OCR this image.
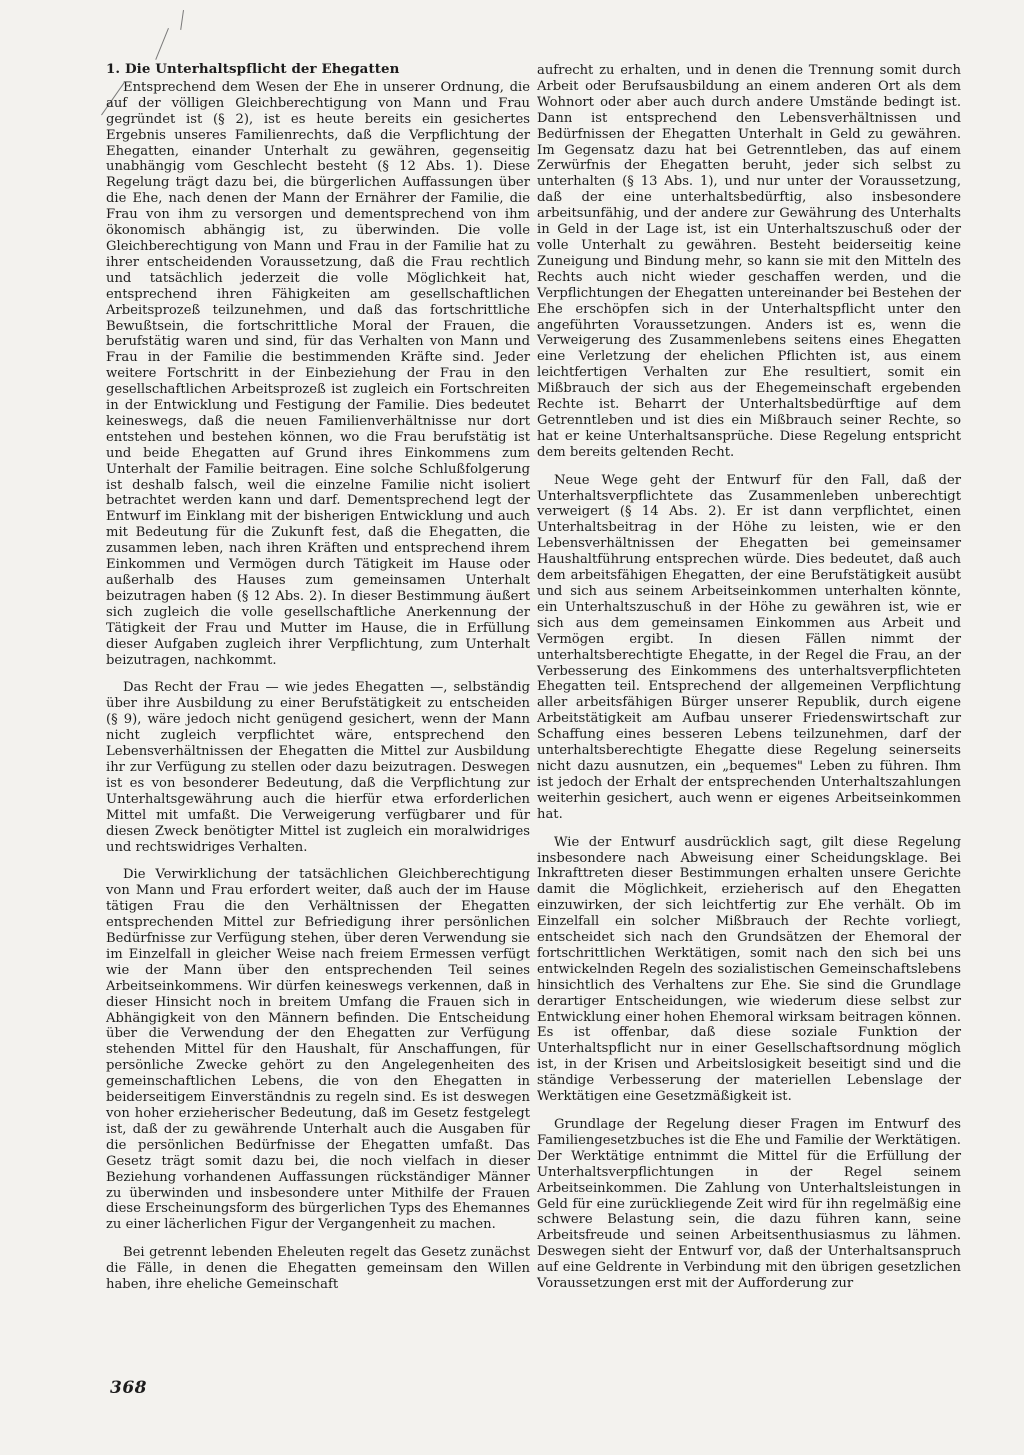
1. Die Unterhaltspflicht der Ehegatten

Entsprechend dem Wesen der Ehe in unserer Ordnung, die auf der völligen Gleichberechtigung von Mann und Frau gegründet ist (§ 2), ist es heute bereits ein gesichertes Ergebnis unseres Familienrechts, daß die Verpflichtung der Ehegatten, einander Unterhalt zu gewähren, gegenseitig unabhängig vom Geschlecht besteht (§ 12 Abs. 1). Diese Regelung trägt dazu bei, die bürgerlichen Auffassungen über die Ehe, nach denen der Mann der Ernährer der Familie, die Frau von ihm zu versorgen und dementsprechend von ihm ökonomisch abhängig ist, zu überwinden. Die volle Gleichberechtigung von Mann und Frau in der Familie hat zu ihrer entscheidenden Voraussetzung, daß die Frau rechtlich und tatsächlich jederzeit die volle Möglichkeit hat, entsprechend ihren Fähigkeiten am gesellschaftlichen Arbeitsprozeß teilzunehmen, und daß das fortschrittliche Bewußtsein, die fortschrittliche Moral der Frauen, die berufstätig waren und sind, für das Verhalten von Mann und Frau in der Familie die bestimmenden Kräfte sind. Jeder weitere Fortschritt in der Einbeziehung der Frau in den gesellschaftlichen Arbeitsprozeß ist zugleich ein Fortschreiten in der Entwicklung und Festigung der Familie. Dies bedeutet keineswegs, daß die neuen Familienverhältnisse nur dort entstehen und bestehen können, wo die Frau berufstätig ist und beide Ehegatten auf Grund ihres Einkommens zum Unterhalt der Familie beitragen. Eine solche Schlußfolgerung ist deshalb falsch, weil die einzelne Familie nicht isoliert betrachtet werden kann und darf. Dementsprechend legt der Entwurf im Einklang mit der bisherigen Entwicklung und auch mit Bedeutung für die Zukunft fest, daß die Ehegatten, die zusammen leben, nach ihren Kräften und entsprechend ihrem Einkommen und Vermögen durch Tätigkeit im Hause oder außerhalb des Hauses zum gemeinsamen Unterhalt beizutragen haben (§ 12 Abs. 2). In dieser Bestimmung äußert sich zugleich die volle gesellschaftliche Anerkennung der Tätigkeit der Frau und Mutter im Hause, die in Erfüllung dieser Aufgaben zugleich ihrer Verpflichtung, zum Unterhalt beizutragen, nachkommt.

Das Recht der Frau — wie jedes Ehegatten —, selbständig über ihre Ausbildung zu einer Berufstätigkeit zu entscheiden (§ 9), wäre jedoch nicht genügend gesichert, wenn der Mann nicht zugleich verpflichtet wäre, entsprechend den Lebensverhältnissen der Ehegatten die Mittel zur Ausbildung ihr zur Verfügung zu stellen oder dazu beizutragen. Deswegen ist es von besonderer Bedeutung, daß die Verpflichtung zur Unterhaltsgewährung auch die hierfür etwa erforderlichen Mittel mit umfaßt. Die Verweigerung verfügbarer und für diesen Zweck benötigter Mittel ist zugleich ein moralwidriges und rechtswidriges Verhalten.

Die Verwirklichung der tatsächlichen Gleichberechtigung von Mann und Frau erfordert weiter, daß auch der im Hause tätigen Frau die den Verhältnissen der Ehegatten entsprechenden Mittel zur Befriedigung ihrer persönlichen Bedürfnisse zur Verfügung stehen, über deren Verwendung sie im Einzelfall in gleicher Weise nach freiem Ermessen verfügt wie der Mann über den entsprechenden Teil seines Arbeitseinkommens. Wir dürfen keineswegs verkennen, daß in dieser Hinsicht noch in breitem Umfang die Frauen sich in Abhängigkeit von den Männern befinden. Die Entscheidung über die Verwendung der den Ehegatten zur Verfügung stehenden Mittel für den Haushalt, für Anschaffungen, für persönliche Zwecke gehört zu den Angelegenheiten des gemeinschaftlichen Lebens, die von den Ehegatten in beiderseitigem Einverständnis zu regeln sind. Es ist deswegen von hoher erzieherischer Bedeutung, daß im Gesetz festgelegt ist, daß der zu gewährende Unterhalt auch die Ausgaben für die persönlichen Bedürfnisse der Ehegatten umfaßt. Das Gesetz trägt somit dazu bei, die noch vielfach in dieser Beziehung vorhandenen Auffassungen rückständiger Männer zu überwinden und insbesondere unter Mithilfe der Frauen diese Erscheinungsform des bürgerlichen Typs des Ehemannes zu einer lächerlichen Figur der Vergangenheit zu machen.

Bei getrennt lebenden Eheleuten regelt das Gesetz zunächst die Fälle, in denen die Ehegatten gemeinsam den Willen haben, ihre eheliche Gemeinschaft

aufrecht zu erhalten, und in denen die Trennung somit durch Arbeit oder Berufsausbildung an einem anderen Ort als dem Wohnort oder aber auch durch andere Umstände bedingt ist. Dann ist entsprechend den Lebensverhältnissen und Bedürfnissen der Ehegatten Unterhalt in Geld zu gewähren. Im Gegensatz dazu hat bei Getrenntleben, das auf einem Zerwürfnis der Ehegatten beruht, jeder sich selbst zu unterhalten (§ 13 Abs. 1), und nur unter der Voraussetzung, daß der eine unterhaltsbedürftig, also insbesondere arbeitsunfähig, und der andere zur Gewährung des Unterhalts in Geld in der Lage ist, ist ein Unterhaltszuschuß oder der volle Unterhalt zu gewähren. Besteht beiderseitig keine Zuneigung und Bindung mehr, so kann sie mit den Mitteln des Rechts auch nicht wieder geschaffen werden, und die Verpflichtungen der Ehegatten untereinander bei Bestehen der Ehe erschöpfen sich in der Unterhaltspflicht unter den angeführten Voraussetzungen. Anders ist es, wenn die Verweigerung des Zusammenlebens seitens eines Ehegatten eine Verletzung der ehelichen Pflichten ist, aus einem leichtfertigen Verhalten zur Ehe resultiert, somit ein Mißbrauch der sich aus der Ehegemeinschaft ergebenden Rechte ist. Beharrt der Unterhaltsbedürftige auf dem Getrenntleben und ist dies ein Mißbrauch seiner Rechte, so hat er keine Unterhaltsansprüche. Diese Regelung entspricht dem bereits geltenden Recht.

Neue Wege geht der Entwurf für den Fall, daß der Unterhaltsverpflichtete das Zusammenleben unberechtigt verweigert (§ 14 Abs. 2). Er ist dann verpflichtet, einen Unterhaltsbeitrag in der Höhe zu leisten, wie er den Lebensverhältnissen der Ehegatten bei gemeinsamer Haushaltführung entsprechen würde. Dies bedeutet, daß auch dem arbeitsfähigen Ehegatten, der eine Berufstätigkeit ausübt und sich aus seinem Arbeitseinkommen unterhalten könnte, ein Unterhaltszuschuß in der Höhe zu gewähren ist, wie er sich aus dem gemeinsamen Einkommen aus Arbeit und Vermögen ergibt. In diesen Fällen nimmt der unterhaltsberechtigte Ehegatte, in der Regel die Frau, an der Verbesserung des Einkommens des unterhaltsverpflichteten Ehegatten teil. Entsprechend der allgemeinen Verpflichtung aller arbeitsfähigen Bürger unserer Republik, durch eigene Arbeitstätigkeit am Aufbau unserer Friedenswirtschaft zur Schaffung eines besseren Lebens teilzunehmen, darf der unterhaltsberechtigte Ehegatte diese Regelung seinerseits nicht dazu ausnutzen, ein „bequemes" Leben zu führen. Ihm ist jedoch der Erhalt der entsprechenden Unterhaltszahlungen weiterhin gesichert, auch wenn er eigenes Arbeitseinkommen hat.

Wie der Entwurf ausdrücklich sagt, gilt diese Regelung insbesondere nach Abweisung einer Scheidungsklage. Bei Inkrafttreten dieser Bestimmungen erhalten unsere Gerichte damit die Möglichkeit, erzieherisch auf den Ehegatten einzuwirken, der sich leichtfertig zur Ehe verhält. Ob im Einzelfall ein solcher Mißbrauch der Rechte vorliegt, entscheidet sich nach den Grundsätzen der Ehemoral der fortschrittlichen Werktätigen, somit nach den sich bei uns entwickelnden Regeln des sozialistischen Gemeinschaftslebens hinsichtlich des Verhaltens zur Ehe. Sie sind die Grundlage derartiger Entscheidungen, wie wiederum diese selbst zur Entwicklung einer hohen Ehemoral wirksam beitragen können. Es ist offenbar, daß diese soziale Funktion der Unterhaltspflicht nur in einer Gesellschaftsordnung möglich ist, in der Krisen und Arbeitslosigkeit beseitigt sind und die ständige Verbesserung der materiellen Lebenslage der Werktätigen eine Gesetzmäßigkeit ist.

Grundlage der Regelung dieser Fragen im Entwurf des Familiengesetzbuches ist die Ehe und Familie der Werktätigen. Der Werktätige entnimmt die Mittel für die Erfüllung der Unterhaltsverpflichtungen in der Regel seinem Arbeitseinkommen. Die Zahlung von Unterhaltsleistungen in Geld für eine zurückliegende Zeit wird für ihn regelmäßig eine schwere Belastung sein, die dazu führen kann, seine Arbeitsfreude und seinen Arbeitsenthusiasmus zu lähmen. Deswegen sieht der Entwurf vor, daß der Unterhaltsanspruch auf eine Geldrente in Verbindung mit den übrigen gesetzlichen Voraussetzungen erst mit der Aufforderung zur

368
